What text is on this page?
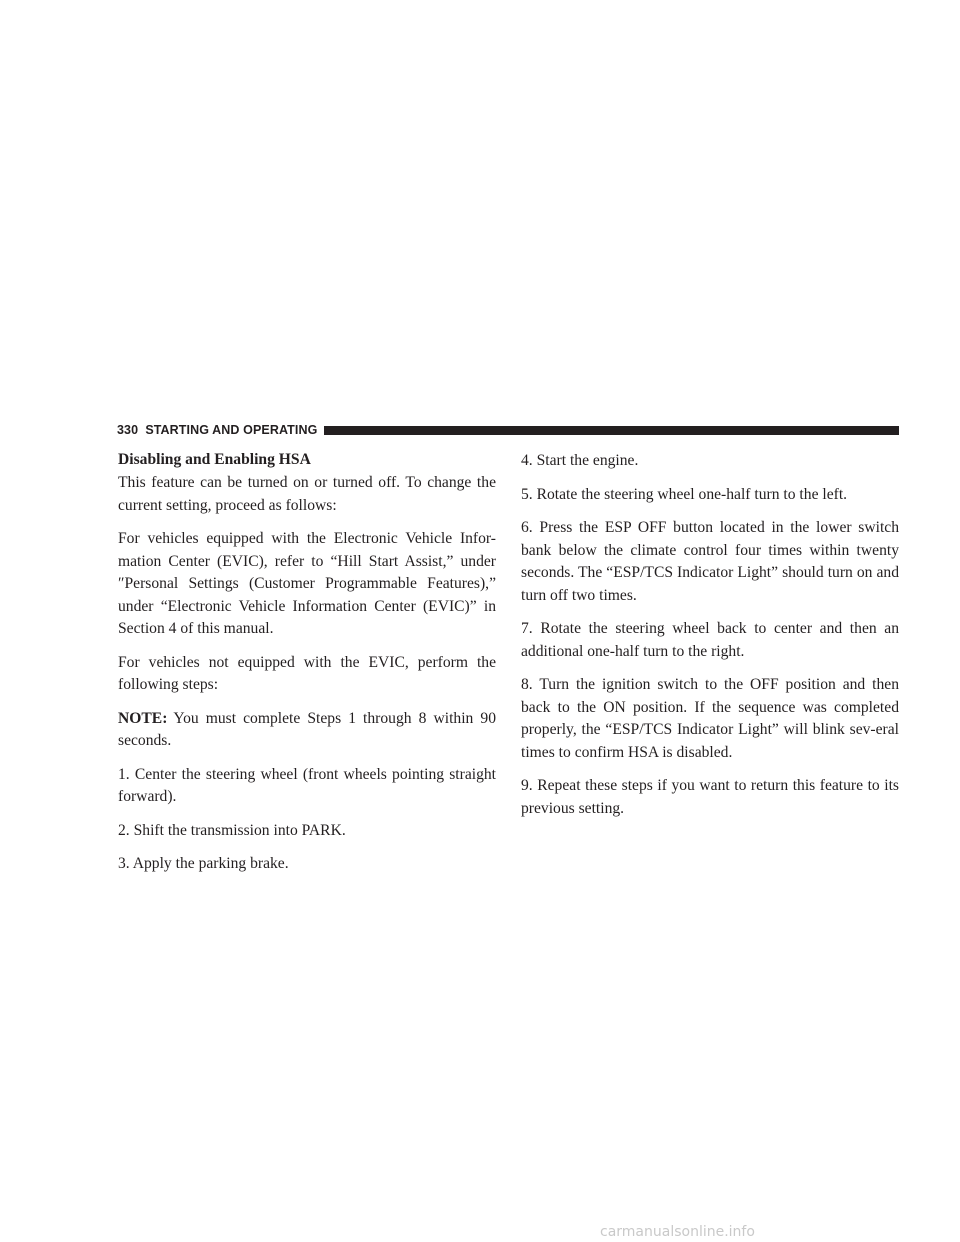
330 STARTING AND OPERATING
Disabling and Enabling HSA

This feature can be turned on or turned off. To change the current setting, proceed as follows:

For vehicles equipped with the Electronic Vehicle Infor-mation Center (EVIC), refer to “Hill Start Assist,” under ″Personal Settings (Customer Programmable Features),” under “Electronic Vehicle Information Center (EVIC)” in Section 4 of this manual.

For vehicles not equipped with the EVIC, perform the following steps:

NOTE: You must complete Steps 1 through 8 within 90 seconds.

1. Center the steering wheel (front wheels pointing straight forward).

2. Shift the transmission into PARK.

3. Apply the parking brake.

4. Start the engine.

5. Rotate the steering wheel one-half turn to the left.

6. Press the ESP OFF button located in the lower switch bank below the climate control four times within twenty seconds. The “ESP/TCS Indicator Light” should turn on and turn off two times.

7. Rotate the steering wheel back to center and then an additional one-half turn to the right.

8. Turn the ignition switch to the OFF position and then back to the ON position. If the sequence was completed properly, the “ESP/TCS Indicator Light” will blink sev-eral times to confirm HSA is disabled.

9. Repeat these steps if you want to return this feature to its previous setting.

carmanualsonline.info
